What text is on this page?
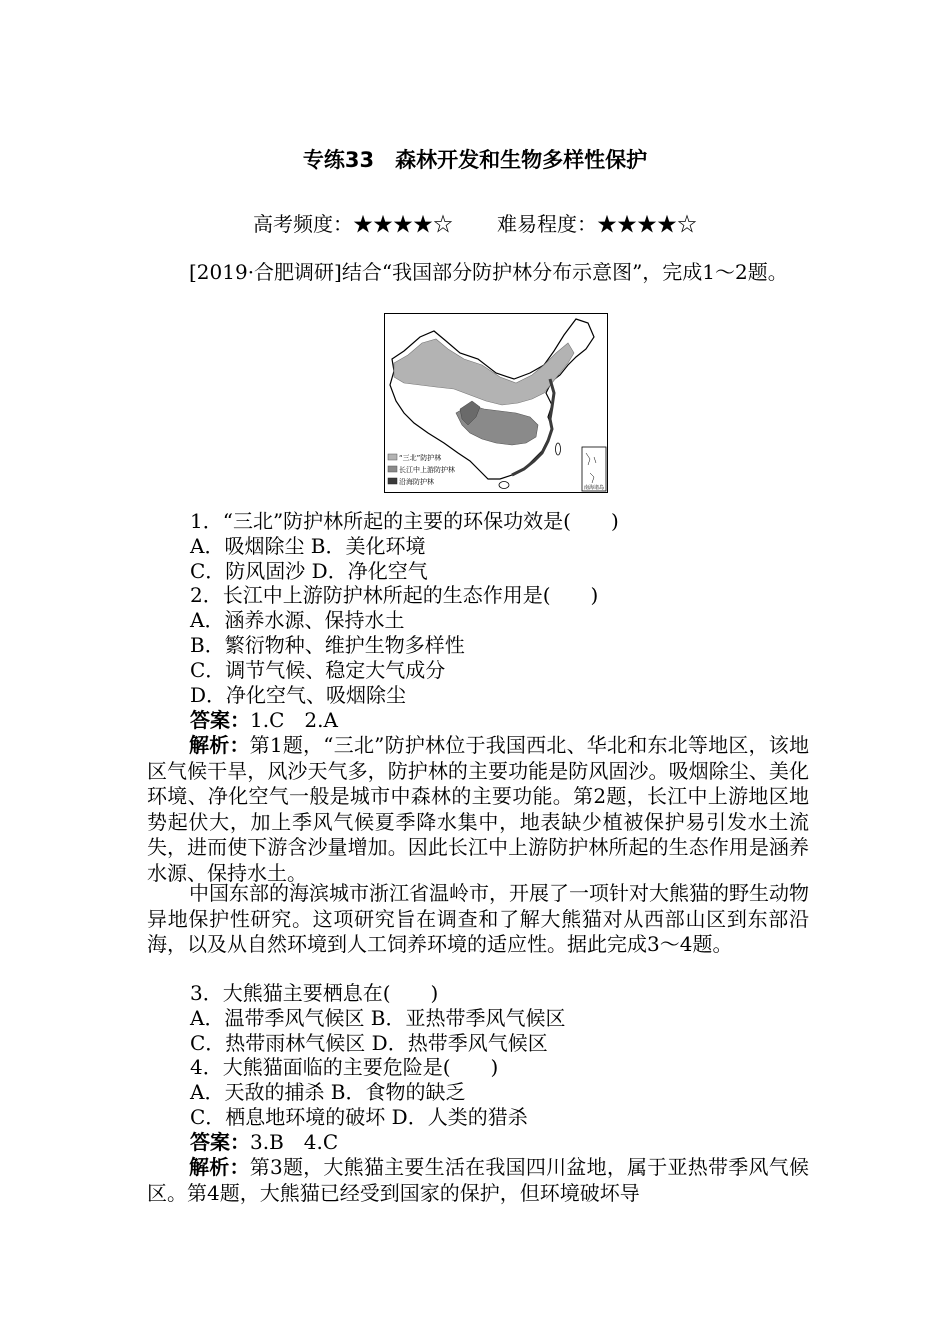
专练33　森林开发和生物多样性保护
高考频度：★★★★☆ 难易程度：★★★★☆
[2019·合肥调研]结合“我国部分防护林分布示意图”，完成1～2题。
南海诸岛
“三北”防护林
长江中上游防护林
沿海防护林
1．“三北”防护林所起的主要的环保功效是(　　)
A．吸烟除尘 B．美化环境
C．防风固沙 D．净化空气
2．长江中上游防护林所起的生态作用是(　　)
A．涵养水源、保持水土
B．繁衍物种、维护生物多样性
C．调节气候、稳定大气成分
D．净化空气、吸烟除尘
答案：1.C　2.A
解析：第1题，“三北”防护林位于我国西北、华北和东北等地区，该地区气候干旱，风沙天气多，防护林的主要功能是防风固沙。吸烟除尘、美化环境、净化空气一般是城市中森林的主要功能。第2题，长江中上游地区地势起伏大，加上季风气候夏季降水集中，地表缺少植被保护易引发水土流失，进而使下游含沙量增加。因此长江中上游防护林所起的生态作用是涵养水源、保持水土。
中国东部的海滨城市浙江省温岭市，开展了一项针对大熊猫的野生动物异地保护性研究。这项研究旨在调查和了解大熊猫对从西部山区到东部沿海，以及从自然环境到人工饲养环境的适应性。据此完成3～4题。
3．大熊猫主要栖息在(　　)
A．温带季风气候区 B．亚热带季风气候区
C．热带雨林气候区 D．热带季风气候区
4．大熊猫面临的主要危险是(　　)
A．天敌的捕杀 B．食物的缺乏
C．栖息地环境的破坏 D．人类的猎杀
答案：3.B　4.C
解析：第3题，大熊猫主要生活在我国四川盆地，属于亚热带季风气候区。第4题，大熊猫已经受到国家的保护，但环境破坏导
